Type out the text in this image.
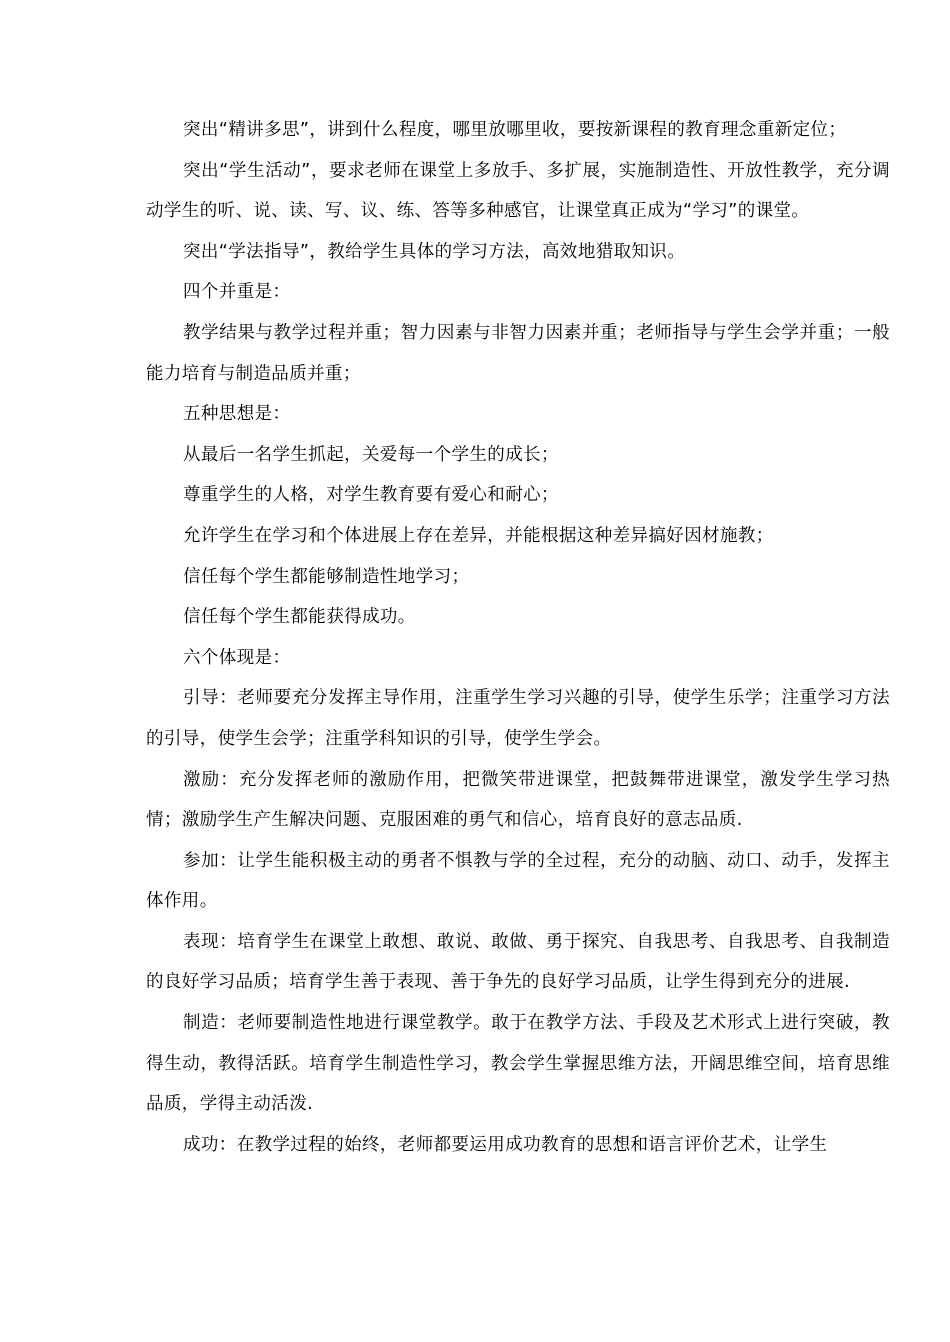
突出“精讲多思”，讲到什么程度，哪里放哪里收，要按新课程的教育理念重新定位；

突出“学生活动”，要求老师在课堂上多放手、多扩展，实施制造性、开放性教学，充分调动学生的听、说、读、写、议、练、答等多种感官，让课堂真正成为“学习”的课堂。

突出“学法指导”，教给学生具体的学习方法，高效地猎取知识。

四个并重是：

教学结果与教学过程并重；智力因素与非智力因素并重；老师指导与学生会学并重；一般能力培育与制造品质并重；

五种思想是：

从最后一名学生抓起，关爱每一个学生的成长；

尊重学生的人格，对学生教育要有爱心和耐心；

允许学生在学习和个体进展上存在差异，并能根据这种差异搞好因材施教；

信任每个学生都能够制造性地学习；

信任每个学生都能获得成功。

六个体现是：

引导：老师要充分发挥主导作用，注重学生学习兴趣的引导，使学生乐学；注重学习方法的引导，使学生会学；注重学科知识的引导，使学生学会。

激励：充分发挥老师的激励作用，把微笑带进课堂，把鼓舞带进课堂，激发学生学习热情；激励学生产生解决问题、克服困难的勇气和信心，培育良好的意志品质.

参加：让学生能积极主动的勇者不惧教与学的全过程，充分的动脑、动口、动手，发挥主体作用。

表现：培育学生在课堂上敢想、敢说、敢做、勇于探究、自我思考、自我思考、自我制造的良好学习品质；培育学生善于表现、善于争先的良好学习品质，让学生得到充分的进展.

制造：老师要制造性地进行课堂教学。敢于在教学方法、手段及艺术形式上进行突破，教得生动，教得活跃。培育学生制造性学习，教会学生掌握思维方法，开阔思维空间，培育思维品质，学得主动活泼.

成功：在教学过程的始终，老师都要运用成功教育的思想和语言评价艺术，让学生
